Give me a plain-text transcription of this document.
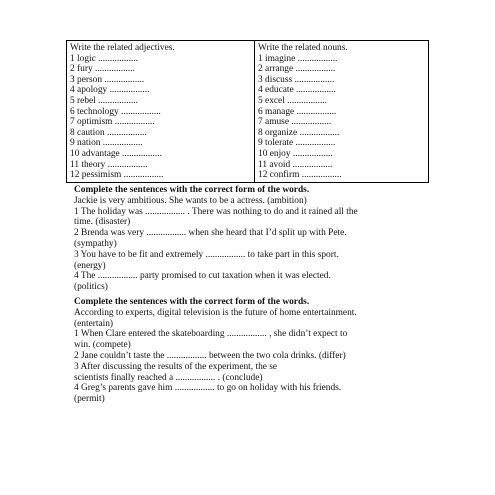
Write the related adjectives.
1 logic .................
2 fury .................
3 person .................
4 apology .................
5 rebel .................
6 technology .................
7 optimism .................
8 caution .................
9 nation .................
10 advantage .................
11 theory .................
12 pessimism .................

Write the related nouns.
1 imagine .................
2 arrange .................
3 discuss .................
4 educate .................
5 excel .................
6 manage .................
7 amuse .................
8 organize .................
9 tolerate .................
10 enjoy .................
11 avoid .................
12 confirm .................
Complete the sentences with the correct form of the words.
Jackie is very ambitious. She wants to be a actress. (ambition)
1 The holiday was ................. . There was nothing to do and it rained all the
time. (disaster)
2 Brenda was very ................. when she heard that I’d split up with Pete.
(sympathy)
3 You have to be fit and extremely ................. to take part in this sport.
(energy)
4 The ................. party promised to cut taxation when it was elected.
(politics)
Complete the sentences with the correct form of the words.
According to experts, digital television is the future of home entertainment.
(entertain)
1 When Clare entered the skateboarding ................. , she didn’t expect to
win. (compete)
2 Jane couldn’t taste the ................. between the two cola drinks. (differ)
3 After discussing the results of the experiment, the se
scientists finally reached a ................. . (conclude)
4 Greg’s parents gave him ................. to go on holiday with his friends.
(permit)
